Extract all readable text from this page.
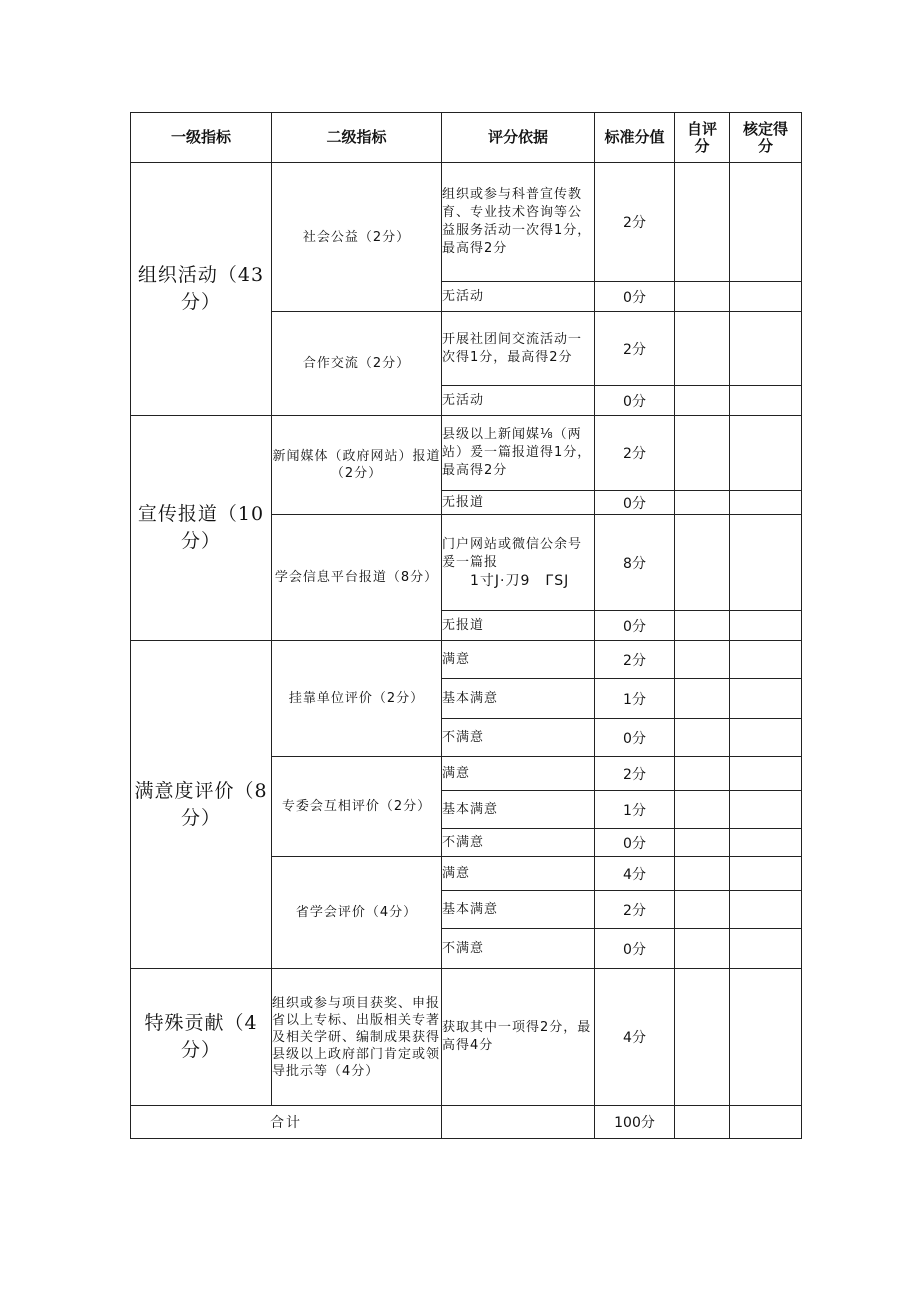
一级指标	二级指标	评分依据	标准分值	自评分	核定得分
组织活动（43分）	社会公益（2分）	组织或参与科普宣传教育、专业技术咨询等公益服务活动一次得1分，最高得2分	2分		
		无活动	0分		
	合作交流（2分）	开展社团间交流活动一次得1分，最高得2分	2分		
		无活动	0分		
宣传报道（10分）	新闻媒体（政府网站）报道（2分）	县级以上新闻媒⅛（两站）爰一篇报道得1分，最高得2分	2分		
		无报道	0分		
	学会信息平台报道（8分）	门户网站或微信公余号爰一篇报
1寸J·刀9　ΓSJ	8分		
		无报道	0分		
满意度评价（8分）	挂靠单位评价（2分）	满意	2分		
		基本满意	1分		
		不满意	0分		
	专委会互相评价（2分）	满意	2分		
		基本满意	1分		
		不满意	0分		
	省学会评价（4分）	满意	4分		
		基本满意	2分		
		不满意	0分		
特殊贡献（4分）	组织或参与项目获奖、申报省以上专标、出版相关专著及相关学研、编制成果获得县级以上政府部门肯定或领导批示等（4分）	获取其中一项得2分，最高得4分	4分		
合计			100分		
